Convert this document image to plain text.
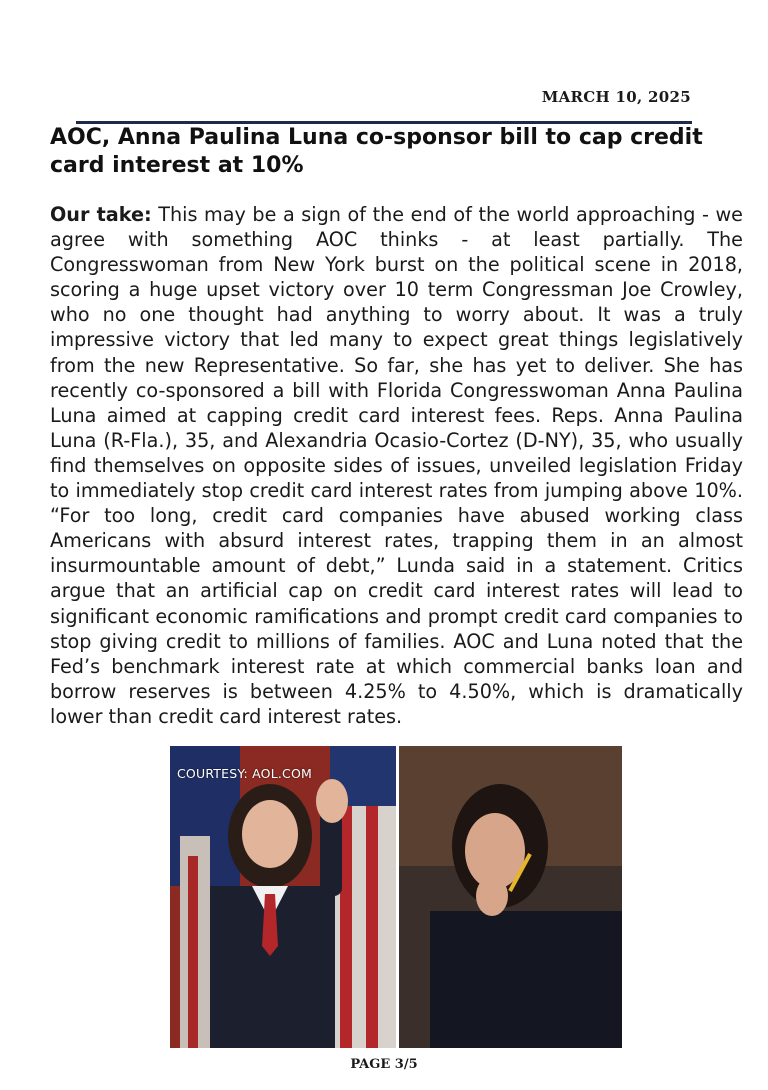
MARCH 10, 2025
AOC, Anna Paulina Luna co-sponsor bill to cap credit card interest at 10%

Our take: This may be a sign of the end of the world approaching - we agree with something AOC thinks - at least partially. The Congresswoman from New York burst on the political scene in 2018, scoring a huge upset victory over 10 term Congressman Joe Crowley, who no one thought had anything to worry about. It was a truly impressive victory that led many to expect great things legislatively from the new Representative. So far, she has yet to deliver. She has recently co-sponsored a bill with Florida Congresswoman Anna Paulina Luna aimed at capping credit card interest fees. Reps. Anna Paulina Luna (R-Fla.), 35, and Alexandria Ocasio-Cortez (D-NY), 35, who usually find themselves on opposite sides of issues, unveiled legislation Friday to immediately stop credit card interest rates from jumping above 10%. “For too long, credit card companies have abused working class Americans with absurd interest rates, trapping them in an almost insurmountable amount of debt,” Lunda said in a statement. Critics argue that an artificial cap on credit card interest rates will lead to significant economic ramifications and prompt credit card companies to stop giving credit to millions of families. AOC and Luna noted that the Fed’s benchmark interest rate at which commercial banks loan and borrow reserves is between 4.25% to 4.50%, which is dramatically lower than credit card interest rates.

COURTESY: AOL.COM
PAGE 3/5
